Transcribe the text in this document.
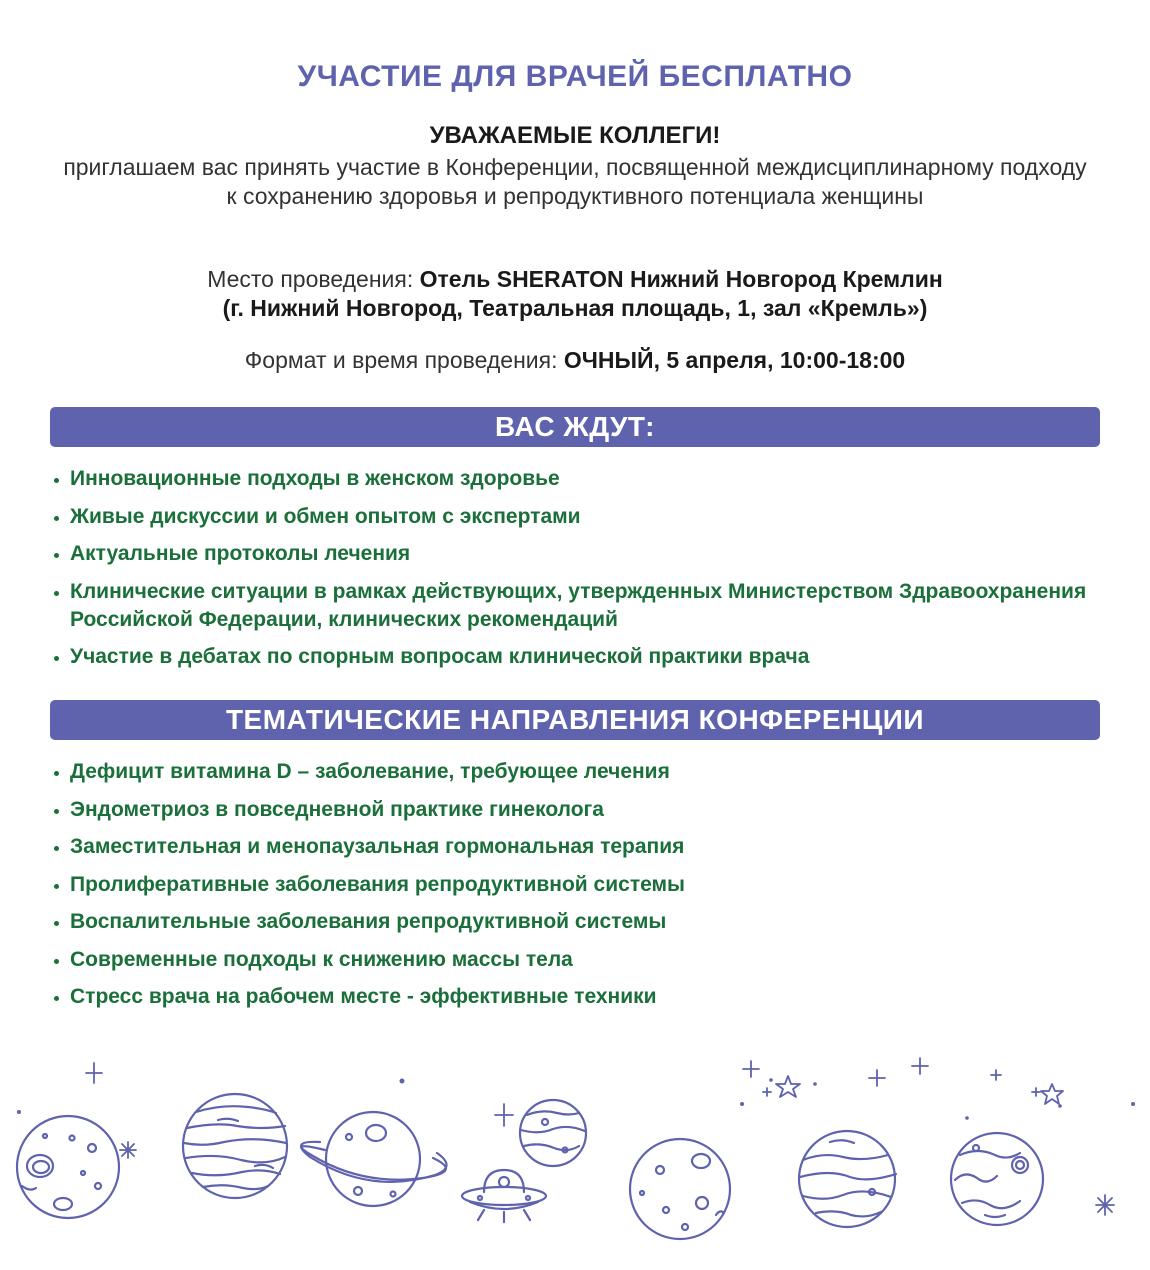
УЧАСТИЕ ДЛЯ ВРАЧЕЙ БЕСПЛАТНО
УВАЖАЕМЫЕ КОЛЛЕГИ!
приглашаем вас принять участие в Конференции, посвященной междисциплинарному подходу к сохранению здоровья и репродуктивного потенциала женщины
Место проведения: Отель SHERATON Нижний Новгород Кремлин
(г. Нижний Новгород, Театральная площадь, 1, зал «Кремль»)
Формат и время проведения: ОЧНЫЙ, 5 апреля, 10:00-18:00
ВАС ЖДУТ:
Инновационные подходы в женском здоровье
Живые дискуссии и обмен опытом с экспертами
Актуальные протоколы лечения
Клинические ситуации в рамках действующих, утвержденных Министерством Здравоохранения Российской Федерации, клинических рекомендаций
Участие в дебатах по спорным вопросам клинической практики врача
ТЕМАТИЧЕСКИЕ НАПРАВЛЕНИЯ КОНФЕРЕНЦИИ
Дефицит витамина D – заболевание, требующее лечения
Эндометриоз в повседневной практике гинеколога
Заместительная и менопаузальная гормональная терапия
Пролиферативные заболевания репродуктивной системы
Воспалительные заболевания репродуктивной системы
Современные подходы к снижению массы тела
Стресс врача на рабочем месте - эффективные техники
